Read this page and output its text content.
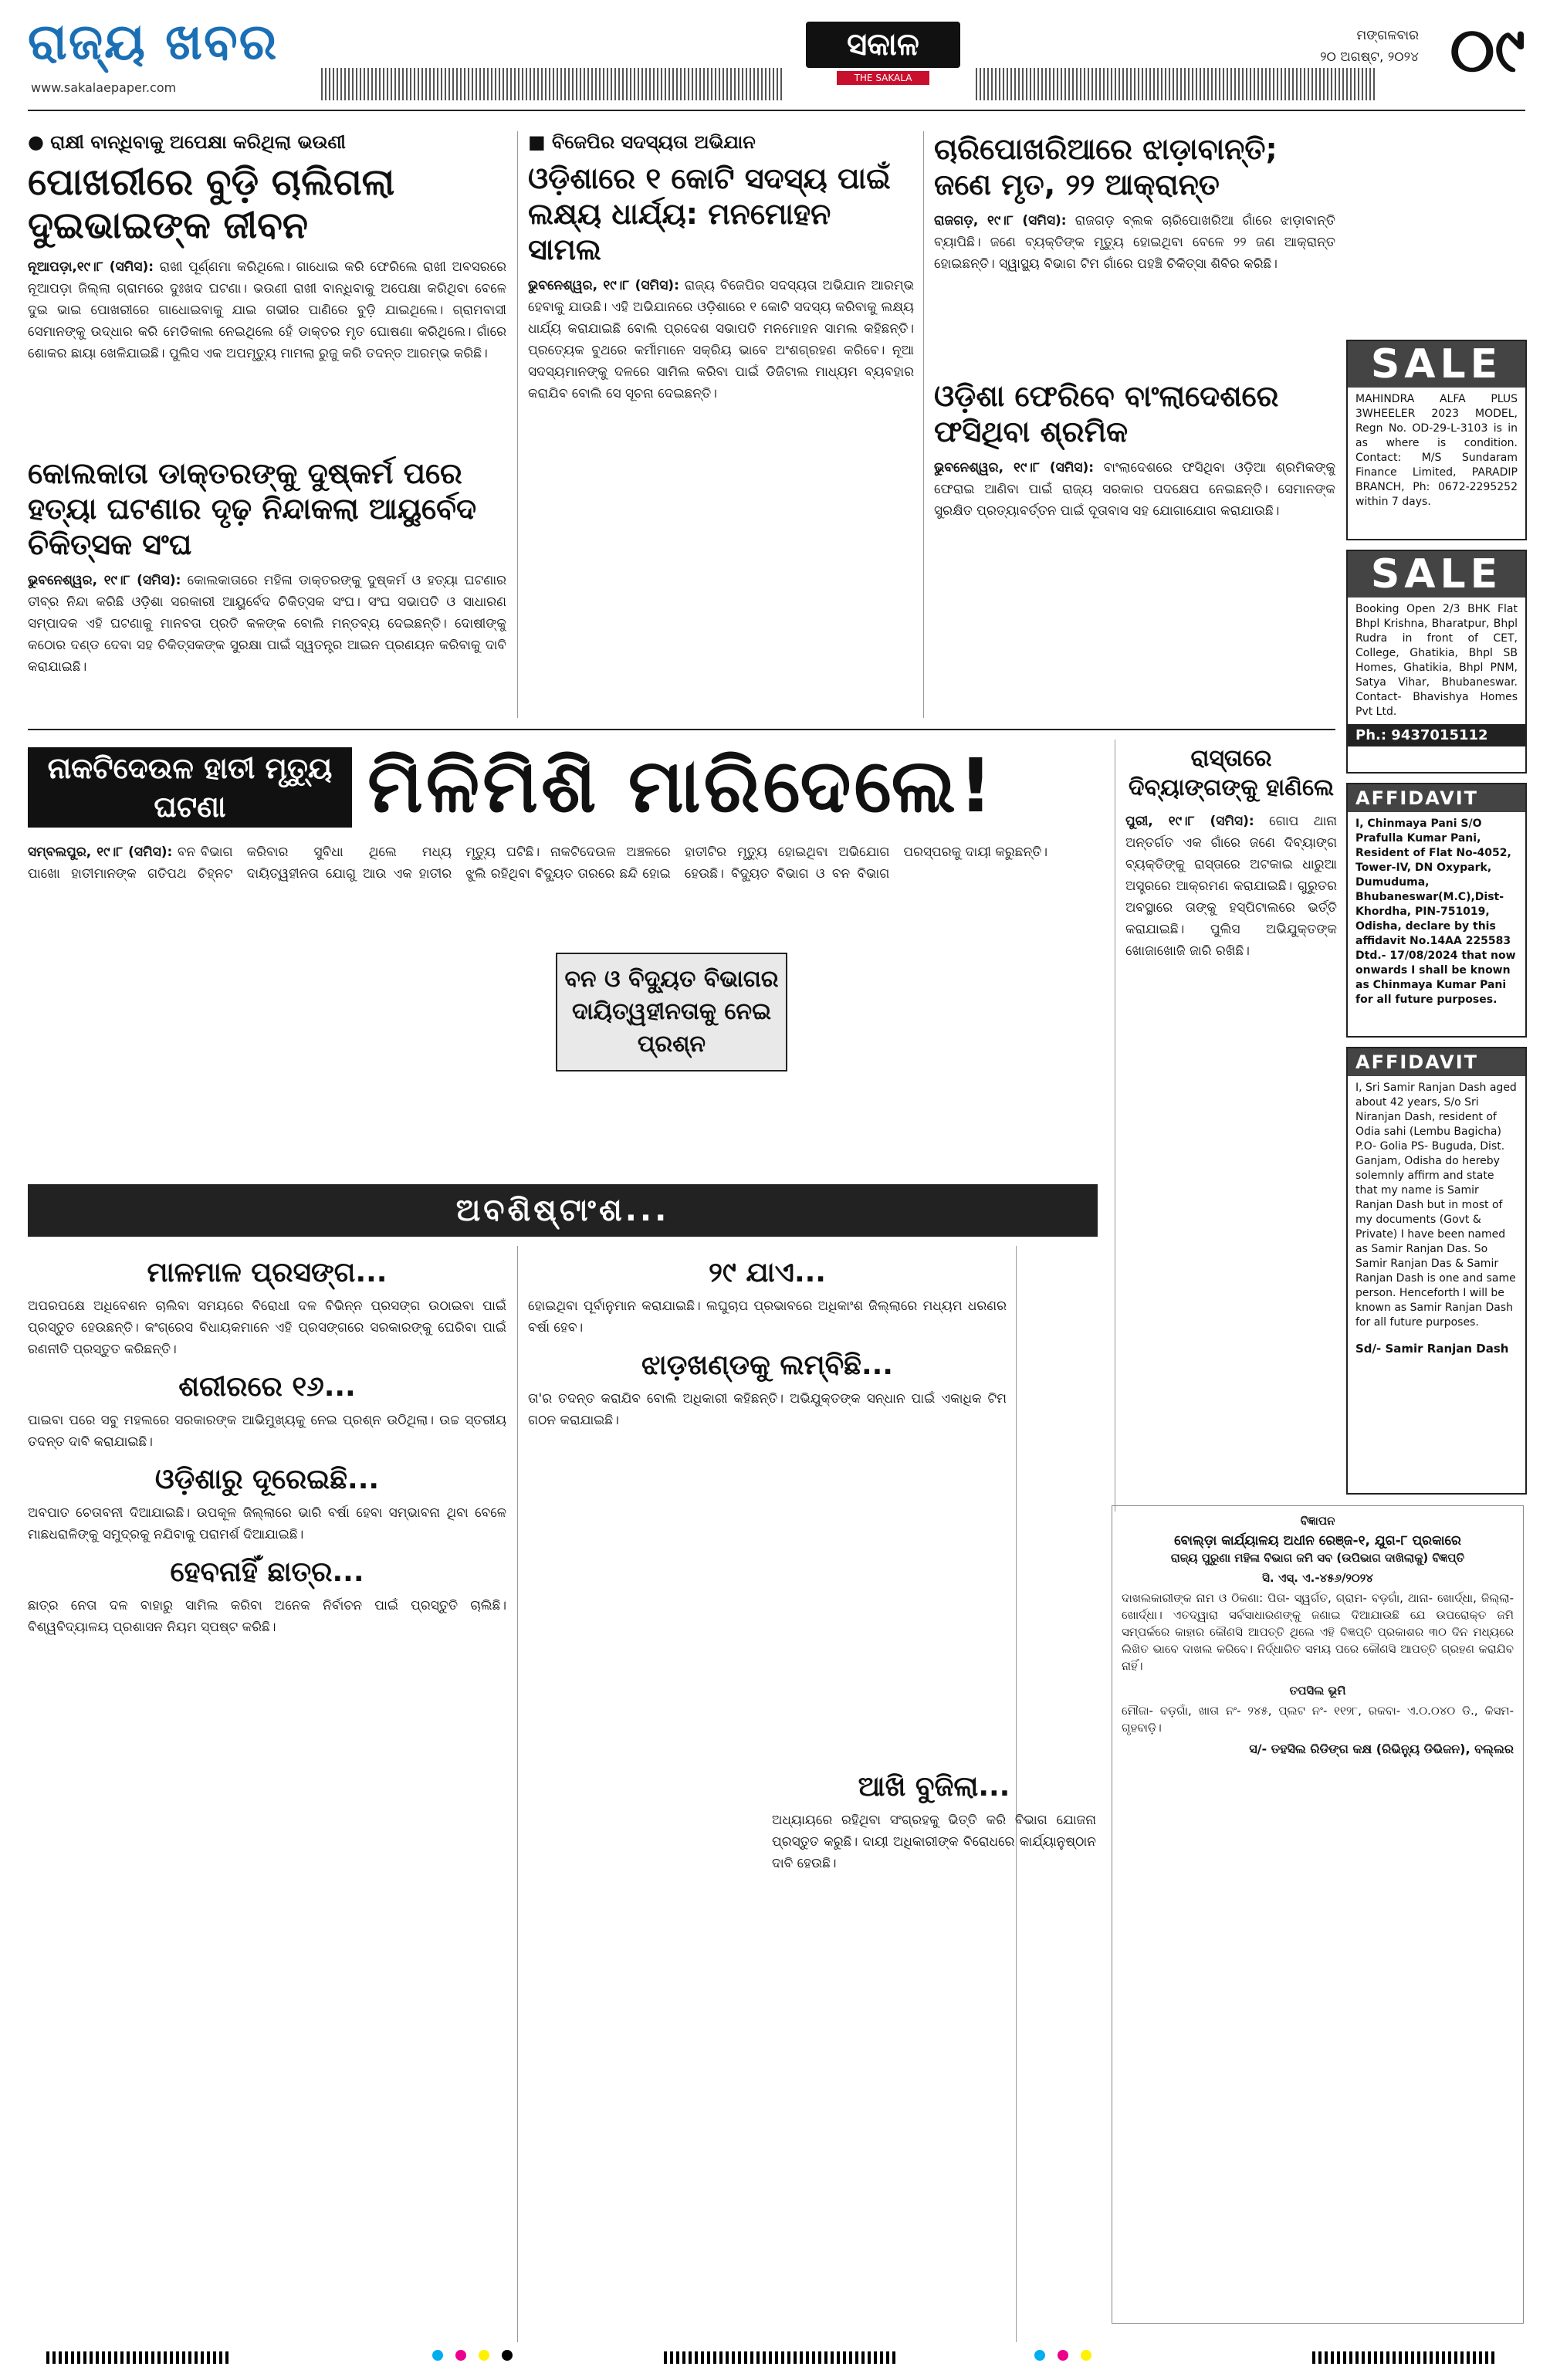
ରାଜ୍ୟ ଖବର
www.sakalaepaper.com
ସକାଳ
THE SAKALA
ମଙ୍ଗଳବାର
୨୦ ଅଗଷ୍ଟ, ୨୦୨୪ ୦୯
● ରାକ୍ଷୀ ବାନ୍ଧିବାକୁ ଅପେକ୍ଷା କରିଥିଲା ଭଉଣୀ
ପୋଖରୀରେ ବୁଡ଼ି ଚାଲିଗଲା ଦୁଇଭାଇଙ୍କ ଜୀବନ
ନୂଆପଡ଼ା,୧୯।୮ (ସମିସ): ରାଖୀ ପୂର୍ଣ୍ଣମା କରିଥିଲେ। ଗାଧୋଇ କରି ଫେରିଲେ ରାଖୀ ଅବସରରେ ନୂଆପଡ଼ା ଜିଲ୍ଲା ଗ୍ରାମରେ ଦୁଃଖଦ ଘଟଣା। ଭଉଣୀ ରାଖୀ ବାନ୍ଧିବାକୁ ଅପେକ୍ଷା କରିଥିବା ବେଳେ ଦୁଇ ଭାଇ ପୋଖରୀରେ ଗାଧୋଇବାକୁ ଯାଇ ଗଭୀର ପାଣିରେ ବୁଡ଼ି ଯାଇଥିଲେ। ଗ୍ରାମବାସୀ ସେମାନଙ୍କୁ ଉଦ୍ଧାର କରି ମେଡିକାଲ ନେଇଥିଲେ ହେଁ ଡାକ୍ତର ମୃତ ଘୋଷଣା କରିଥିଲେ। ଗାଁରେ ଶୋକର ଛାୟା ଖେଳିଯାଇଛି। ପୁଲିସ ଏକ ଅପମୃତ୍ୟୁ ମାମଲା ରୁଜୁ କରି ତଦନ୍ତ ଆରମ୍ଭ କରିଛି।
କୋଲକାତା ଡାକ୍ତରଙ୍କୁ ଦୁଷ୍କର୍ମ ପରେ ହତ୍ୟା ଘଟଣାର ଦୃଢ଼ ନିନ୍ଦାକଲା ଆୟୁର୍ବେଦ ଚିକିତ୍ସକ ସଂଘ
ଭୁବନେଶ୍ୱର, ୧୯।୮ (ସମିସ): କୋଲକାତାରେ ମହିଳା ଡାକ୍ତରଙ୍କୁ ଦୁଷ୍କର୍ମ ଓ ହତ୍ୟା ଘଟଣାର ତୀବ୍ର ନିନ୍ଦା କରିଛି ଓଡ଼ିଶା ସରକାରୀ ଆୟୁର୍ବେଦ ଚିକିତ୍ସକ ସଂଘ। ସଂଘ ସଭାପତି ଓ ସାଧାରଣ ସମ୍ପାଦକ ଏହି ଘଟଣାକୁ ମାନବତା ପ୍ରତି କଳଙ୍କ ବୋଲି ମନ୍ତବ୍ୟ ଦେଇଛନ୍ତି। ଦୋଷୀଙ୍କୁ କଠୋର ଦଣ୍ଡ ଦେବା ସହ ଚିକିତ୍ସକଙ୍କ ସୁରକ୍ଷା ପାଇଁ ସ୍ୱତନ୍ତ୍ର ଆଇନ ପ୍ରଣୟନ କରିବାକୁ ଦାବି କରାଯାଇଛି।
■ ବିଜେପିର ସଦସ୍ୟତା ଅଭିଯାନ
ଓଡ଼ିଶାରେ ୧ କୋଟି ସଦସ୍ୟ ପାଇଁ ଲକ୍ଷ୍ୟ ଧାର୍ଯ୍ୟ: ମନମୋହନ ସାମଲ
ଭୁବନେଶ୍ୱର, ୧୯।୮ (ସମିସ): ରାଜ୍ୟ ବିଜେପିର ସଦସ୍ୟତା ଅଭିଯାନ ଆରମ୍ଭ ହେବାକୁ ଯାଉଛି। ଏହି ଅଭିଯାନରେ ଓଡ଼ିଶାରେ ୧ କୋଟି ସଦସ୍ୟ କରିବାକୁ ଲକ୍ଷ୍ୟ ଧାର୍ଯ୍ୟ କରାଯାଇଛି ବୋଲି ପ୍ରଦେଶ ସଭାପତି ମନମୋହନ ସାମଲ କହିଛନ୍ତି। ପ୍ରତ୍ୟେକ ବୁଥରେ କର୍ମୀମାନେ ସକ୍ରିୟ ଭାବେ ଅଂଶଗ୍ରହଣ କରିବେ। ନୂଆ ସଦସ୍ୟମାନଙ୍କୁ ଦଳରେ ସାମିଲ କରିବା ପାଇଁ ଡିଜିଟାଲ ମାଧ୍ୟମ ବ୍ୟବହାର କରାଯିବ ବୋଲି ସେ ସୂଚନା ଦେଇଛନ୍ତି।
ଚାରିପୋଖରିଆରେ ଝାଡ଼ାବାନ୍ତି; ଜଣେ ମୃତ, ୨୨ ଆକ୍ରାନ୍ତ
ରାଜଗଡ଼, ୧୯।୮ (ସମିସ): ରାଜଗଡ଼ ବ୍ଲକ ଚାରିପୋଖରିଆ ଗାଁରେ ଝାଡ଼ାବାନ୍ତି ବ୍ୟାପିଛି। ଜଣେ ବ୍ୟକ୍ତିଙ୍କ ମୃତ୍ୟୁ ହୋଇଥିବା ବେଳେ ୨୨ ଜଣ ଆକ୍ରାନ୍ତ ହୋଇଛନ୍ତି। ସ୍ୱାସ୍ଥ୍ୟ ବିଭାଗ ଟିମ ଗାଁରେ ପହଞ୍ଚି ଚିକିତ୍ସା ଶିବିର କରିଛି।
ଓଡ଼ିଶା ଫେରିବେ ବାଂଲାଦେଶରେ ଫସିଥିବା ଶ୍ରମିକ
ଭୁବନେଶ୍ୱର, ୧୯।୮ (ସମିସ): ବାଂଲାଦେଶରେ ଫସିଥିବା ଓଡ଼ିଆ ଶ୍ରମିକଙ୍କୁ ଫେରାଇ ଆଣିବା ପାଇଁ ରାଜ୍ୟ ସରକାର ପଦକ୍ଷେପ ନେଇଛନ୍ତି। ସେମାନଙ୍କ ସୁରକ୍ଷିତ ପ୍ରତ୍ୟାବର୍ତ୍ତନ ପାଇଁ ଦୂତାବାସ ସହ ଯୋଗାଯୋଗ କରାଯାଉଛି।
SALE
MAHINDRA ALFA PLUS 3WHEELER 2023 MODEL, Regn No. OD-29-L-3103 is in as where is condition. Contact: M/S Sundaram Finance Limited, PARADIP BRANCH, Ph: 0672-2295252 within 7 days.
SALE
Booking Open 2/3 BHK Flat Bhpl Krishna, Bharatpur, Bhpl Rudra in front of CET, College, Ghatikia, Bhpl SB Homes, Ghatikia, Bhpl PNM, Satya Vihar, Bhubaneswar. Contact- Bhavishya Homes Pvt Ltd.
Ph.: 9437015112
AFFIDAVIT
I, Chinmaya Pani S/O Prafulla Kumar Pani, Resident of Flat No-4052, Tower-IV, DN Oxypark, Dumuduma, Bhubaneswar(M.C),Dist-Khordha, PIN-751019, Odisha, declare by this affidavit No.14AA 225583 Dtd.- 17/08/2024 that now onwards I shall be known as Chinmaya Kumar Pani for all future purposes.
AFFIDAVIT
I, Sri Samir Ranjan Dash aged about 42 years, S/o Sri Niranjan Dash, resident of Odia sahi (Lembu Bagicha) P.O- Golia PS- Buguda, Dist. Ganjam, Odisha do hereby solemnly affirm and state that my name is Samir Ranjan Dash but in most of my documents (Govt & Private) I have been named as Samir Ranjan Das. So Samir Ranjan Das & Samir Ranjan Dash is one and same person. Henceforth I will be known as Samir Ranjan Dash for all future purposes.
Sd/- Samir Ranjan Dash
ନାକଟିଦେଉଳ ହାତୀ ମୃତ୍ୟୁ ଘଟଣା	ମିଳିମିଶି ମାରିଦେଲେ!
ସମ୍ବଲପୁର, ୧୯।୮ (ସମିସ): ବନ ବିଭାଗ ପାଖୋ ହାତୀମାନଙ୍କ ଗତିପଥ ଚିହ୍ନଟ କରିବାର ସୁବିଧା ଥିଲେ ମଧ୍ୟ ଦାୟିତ୍ୱହୀନତା ଯୋଗୁ ଆଉ ଏକ ହାତୀର ମୃତ୍ୟୁ ଘଟିଛି। ନାକଟିଦେଉଳ ଅଞ୍ଚଳରେ ଝୁଲି ରହିଥିବା ବିଦ୍ୟୁତ ତାରରେ ଛନ୍ଦି ହୋଇ ହାତୀଟିର ମୃତ୍ୟୁ ହୋଇଥିବା ଅଭିଯୋଗ ହେଉଛି। ବିଦ୍ୟୁତ ବିଭାଗ ଓ ବନ ବିଭାଗ ପରସ୍ପରକୁ ଦାୟୀ କରୁଛନ୍ତି।
ବନ ଓ ବିଦ୍ୟୁତ ବିଭାଗର ଦାୟିତ୍ୱହୀନତାକୁ ନେଇ ପ୍ରଶ୍ନ
ରାସ୍ତାରେ ଦିବ୍ୟାଙ୍ଗଙ୍କୁ ହାଣିଲେ
ପୁରୀ, ୧୯।୮ (ସମିସ): ଗୋପ ଥାନା ଅନ୍ତର୍ଗତ ଏକ ଗାଁରେ ଜଣେ ଦିବ୍ୟାଙ୍ଗ ବ୍ୟକ୍ତିଙ୍କୁ ରାସ୍ତାରେ ଅଟକାଇ ଧାରୁଆ ଅସ୍ତ୍ରରେ ଆକ୍ରମଣ କରାଯାଇଛି। ଗୁରୁତର ଅବସ୍ଥାରେ ତାଙ୍କୁ ହସ୍ପିଟାଲରେ ଭର୍ତ୍ତି କରାଯାଇଛି। ପୁଲିସ ଅଭିଯୁକ୍ତଙ୍କ ଖୋଜାଖୋଜି ଜାରି ରଖିଛି।
ଅବଶିଷ୍ଟାଂଶ...
ମାଳମାଳ ପ୍ରସଙ୍ଗ...
ଅପରପକ୍ଷେ ଅଧିବେଶନ ଚାଲିବା ସମୟରେ ବିରୋଧୀ ଦଳ ବିଭିନ୍ନ ପ୍ରସଙ୍ଗ ଉଠାଇବା ପାଇଁ ପ୍ରସ୍ତୁତ ହେଉଛନ୍ତି। କଂଗ୍ରେସ ବିଧାୟକମାନେ ଏହି ପ୍ରସଙ୍ଗରେ ସରକାରଙ୍କୁ ଘେରିବା ପାଇଁ ରଣନୀତି ପ୍ରସ୍ତୁତ କରିଛନ୍ତି।
ଶରୀରରେ ୧୬...
ପାଇବା ପରେ ସବୁ ମହଲରେ ସରକାରଙ୍କ ଆଭିମୁଖ୍ୟକୁ ନେଇ ପ୍ରଶ୍ନ ଉଠିଥିଲା। ଉଚ୍ଚ ସ୍ତରୀୟ ତଦନ୍ତ ଦାବି କରାଯାଇଛି।
ଓଡ଼ିଶାରୁ ଦୂରେଇଛି...
ଅବପାତ ଚେତାବନୀ ଦିଆଯାଇଛି। ଉପକୂଳ ଜିଲ୍ଲାରେ ଭାରି ବର୍ଷା ହେବା ସମ୍ଭାବନା ଥିବା ବେଳେ ମାଛଧରାଳିଙ୍କୁ ସମୁଦ୍ରକୁ ନଯିବାକୁ ପରାମର୍ଶ ଦିଆଯାଇଛି।
ହେବନାହିଁ ଛାତ୍ର...
ଛାତ୍ର ନେତା ଦଳ ବାହାରୁ ସାମିଲ କରିବା ଅନେକ ନିର୍ବାଚନ ପାଇଁ ପ୍ରସ୍ତୁତି ଚାଲିଛି। ବିଶ୍ୱବିଦ୍ୟାଳୟ ପ୍ରଶାସନ ନିୟମ ସ୍ପଷ୍ଟ କରିଛି।
୨୯ ଯାଏ...
ହୋଇଥିବା ପୂର୍ବାନୁମାନ କରାଯାଇଛି। ଲଘୁଚାପ ପ୍ରଭାବରେ ଅଧିକାଂଶ ଜିଲ୍ଲାରେ ମଧ୍ୟମ ଧରଣର ବର୍ଷା ହେବ।
ଝାଡ଼ଖଣ୍ଡକୁ ଲମ୍ବିଛି...
ତା'ର ତଦନ୍ତ କରାଯିବ ବୋଲି ଅଧିକାରୀ କହିଛନ୍ତି। ଅଭିଯୁକ୍ତଙ୍କ ସନ୍ଧାନ ପାଇଁ ଏକାଧିକ ଟିମ ଗଠନ କରାଯାଇଛି।
ଆଖି ବୁଜିଲା...
ଅଧ୍ୟାୟରେ ରହିଥିବା ସଂଗ୍ରହକୁ ଭିତ୍ତି କରି ବିଭାଗ ଯୋଜନା ପ୍ରସ୍ତୁତ କରୁଛି। ଦାୟୀ ଅଧିକାରୀଙ୍କ ବିରୋଧରେ କାର୍ଯ୍ୟାନୁଷ୍ଠାନ ଦାବି ହେଉଛି।
ବିଜ୍ଞାପନ
ବୋଲ୍ଡ଼ା କାର୍ଯ୍ୟାଳୟ ଅଧୀନ ରେଞ୍ଜ-୧, ଯୁଗ-୮ ପ୍ରକାରେ
ରାଜ୍ୟ ପୁରୁଣା ମହିଳା ବିଭାଗ ଜମି ସବ (ଉପିଭାଗ ଦାଖିଲାକୁ) ବିଜ୍ଞପ୍ତି
ସି. ଏସ୍. ଏ.-୪୫୬/୨୦୨୪
ଦାଖଲକାରୀଙ୍କ ନାମ ଓ ଠିକଣା: ପିତା- ସ୍ୱର୍ଗତ, ଗ୍ରାମ- ବଡ଼ଗାଁ, ଥାନା- ଖୋର୍ଦ୍ଧା, ଜିଲ୍ଲା- ଖୋର୍ଦ୍ଧା। ଏତଦ୍ୱାରା ସର୍ବସାଧାରଣଙ୍କୁ ଜଣାଇ ଦିଆଯାଉଛି ଯେ ଉପରୋକ୍ତ ଜମି ସମ୍ପର୍କରେ କାହାର କୌଣସି ଆପତ୍ତି ଥିଲେ ଏହି ବିଜ୍ଞପ୍ତି ପ୍ରକାଶର ୩୦ ଦିନ ମଧ୍ୟରେ ଲିଖିତ ଭାବେ ଦାଖଲ କରିବେ। ନିର୍ଦ୍ଧାରିତ ସମୟ ପରେ କୌଣସି ଆପତ୍ତି ଗ୍ରହଣ କରାଯିବ ନାହିଁ।
ତପସିଲ ଭୂମି
ମୌଜା- ବଡ଼ଗାଁ, ଖାତା ନଂ- ୨୪୫, ପ୍ଲଟ ନଂ- ୧୧୨୮, ରକବା- ଏ.୦.୦୪୦ ଡି., କିସମ- ଗୃହବାଡ଼ି।
ସ/- ତହସିଲ ରିଡିଙ୍ଗ କକ୍ଷ (ରିଭିନ୍ୟୁ ଡିଭିଜନ), ବଲ୍ଲର
